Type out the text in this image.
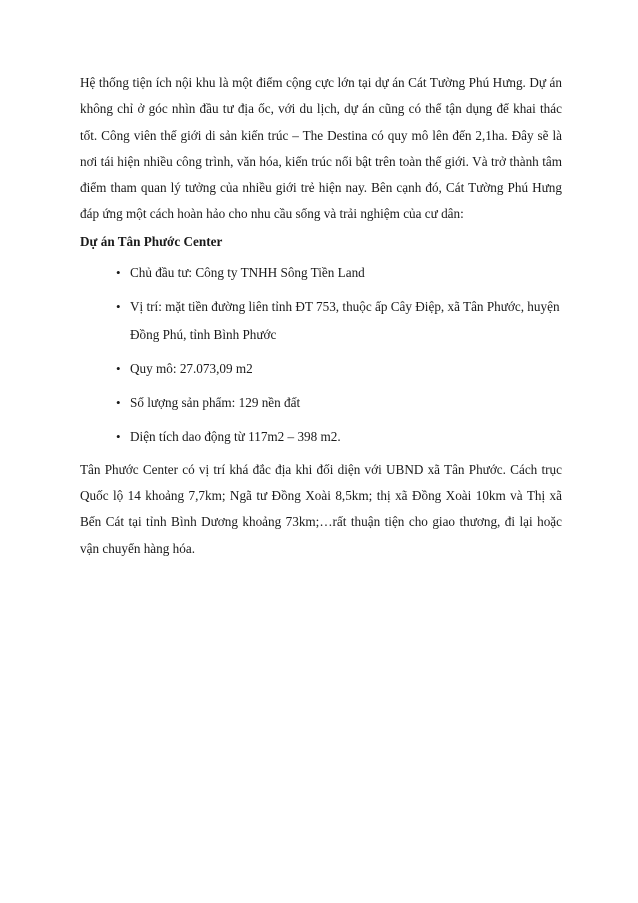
Hệ thống tiện ích nội khu là một điểm cộng cực lớn tại dự án Cát Tường Phú Hưng. Dự án không chỉ ở góc nhìn đầu tư địa ốc, với du lịch, dự án cũng có thể tận dụng để khai thác tốt. Công viên thế giới di sản kiến trúc – The Destina có quy mô lên đến 2,1ha. Đây sẽ là nơi tái hiện nhiều công trình, văn hóa, kiến trúc nổi bật trên toàn thế giới. Và trở thành tâm điểm tham quan lý tưởng của nhiều giới trẻ hiện nay. Bên cạnh đó, Cát Tường Phú Hưng đáp ứng một cách hoàn hảo cho nhu cầu sống và trải nghiệm của cư dân:

Dự án Tân Phước Center

• Chủ đầu tư: Công ty TNHH Sông Tiền Land
• Vị trí: mặt tiền đường liên tỉnh ĐT 753, thuộc ấp Cây Điệp, xã Tân Phước, huyện Đồng Phú, tỉnh Bình Phước
• Quy mô: 27.073,09 m2
• Số lượng sản phẩm: 129 nền đất
• Diện tích dao động từ 117m2 – 398 m2.

Tân Phước Center có vị trí khá đắc địa khi đối diện với UBND xã Tân Phước. Cách trục Quốc lộ 14 khoảng 7,7km; Ngã tư Đồng Xoài 8,5km; thị xã Đồng Xoài 10km và Thị xã Bến Cát tại tỉnh Bình Dương khoảng 73km;…rất thuận tiện cho giao thương, đi lại hoặc vận chuyển hàng hóa.
